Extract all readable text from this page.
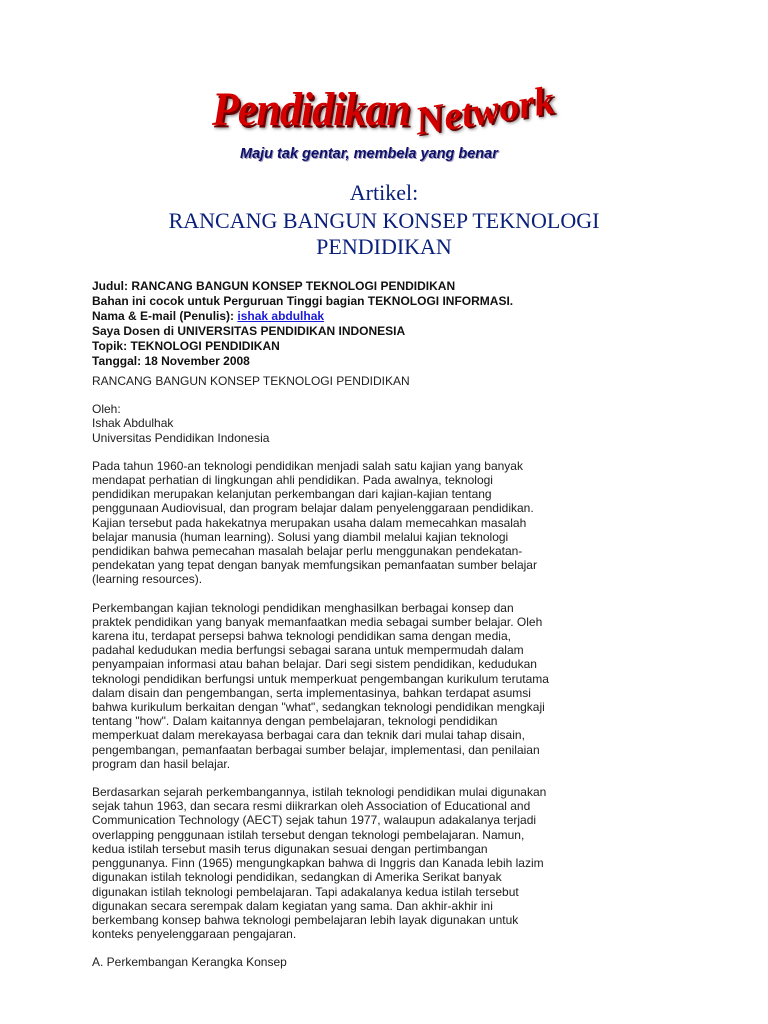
Pendidikan Network
Maju tak gentar, membela yang benar
Artikel:
RANCANG BANGUN KONSEP TEKNOLOGI PENDIDIKAN
Judul: RANCANG BANGUN KONSEP TEKNOLOGI PENDIDIKAN
Bahan ini cocok untuk Perguruan Tinggi bagian TEKNOLOGI INFORMASI.
Nama & E-mail (Penulis): ishak abdulhak
Saya Dosen di UNIVERSITAS PENDIDIKAN INDONESIA
Topik: TEKNOLOGI PENDIDIKAN
Tanggal: 18 November 2008

RANCANG BANGUN KONSEP TEKNOLOGI PENDIDIKAN

Oleh:
Ishak Abdulhak
Universitas Pendidikan Indonesia

Pada tahun 1960-an teknologi pendidikan menjadi salah satu kajian yang banyak
mendapat perhatian di lingkungan ahli pendidikan. Pada awalnya, teknologi
pendidikan merupakan kelanjutan perkembangan dari kajian-kajian tentang
penggunaan Audiovisual, dan program belajar dalam penyelenggaraan pendidikan.
Kajian tersebut pada hakekatnya merupakan usaha dalam memecahkan masalah
belajar manusia (human learning). Solusi yang diambil melalui kajian teknologi
pendidikan bahwa pemecahan masalah belajar perlu menggunakan pendekatan-
pendekatan yang tepat dengan banyak memfungsikan pemanfaatan sumber belajar
(learning resources).

Perkembangan kajian teknologi pendidikan menghasilkan berbagai konsep dan
praktek pendidikan yang banyak memanfaatkan media sebagai sumber belajar. Oleh
karena itu, terdapat persepsi bahwa teknologi pendidikan sama dengan media,
padahal kedudukan media berfungsi sebagai sarana untuk mempermudah dalam
penyampaian informasi atau bahan belajar. Dari segi sistem pendidikan, kedudukan
teknologi pendidikan berfungsi untuk memperkuat pengembangan kurikulum terutama
dalam disain dan pengembangan, serta implementasinya, bahkan terdapat asumsi
bahwa kurikulum berkaitan dengan "what", sedangkan teknologi pendidikan mengkaji
tentang "how". Dalam kaitannya dengan pembelajaran, teknologi pendidikan
memperkuat dalam merekayasa berbagai cara dan teknik dari mulai tahap disain,
pengembangan, pemanfaatan berbagai sumber belajar, implementasi, dan penilaian
program dan hasil belajar.

Berdasarkan sejarah perkembangannya, istilah teknologi pendidikan mulai digunakan
sejak tahun 1963, dan secara resmi diikrarkan oleh Association of Educational and
Communication Technology (AECT) sejak tahun 1977, walaupun adakalanya terjadi
overlapping penggunaan istilah tersebut dengan teknologi pembelajaran. Namun,
kedua istilah tersebut masih terus digunakan sesuai dengan pertimbangan
penggunanya. Finn (1965) mengungkapkan bahwa di Inggris dan Kanada lebih lazim
digunakan istilah teknologi pendidikan, sedangkan di Amerika Serikat banyak
digunakan istilah teknologi pembelajaran. Tapi adakalanya kedua istilah tersebut
digunakan secara serempak dalam kegiatan yang sama. Dan akhir-akhir ini
berkembang konsep bahwa teknologi pembelajaran lebih layak digunakan untuk
konteks penyelenggaraan pengajaran.

A. Perkembangan Kerangka Konsep
